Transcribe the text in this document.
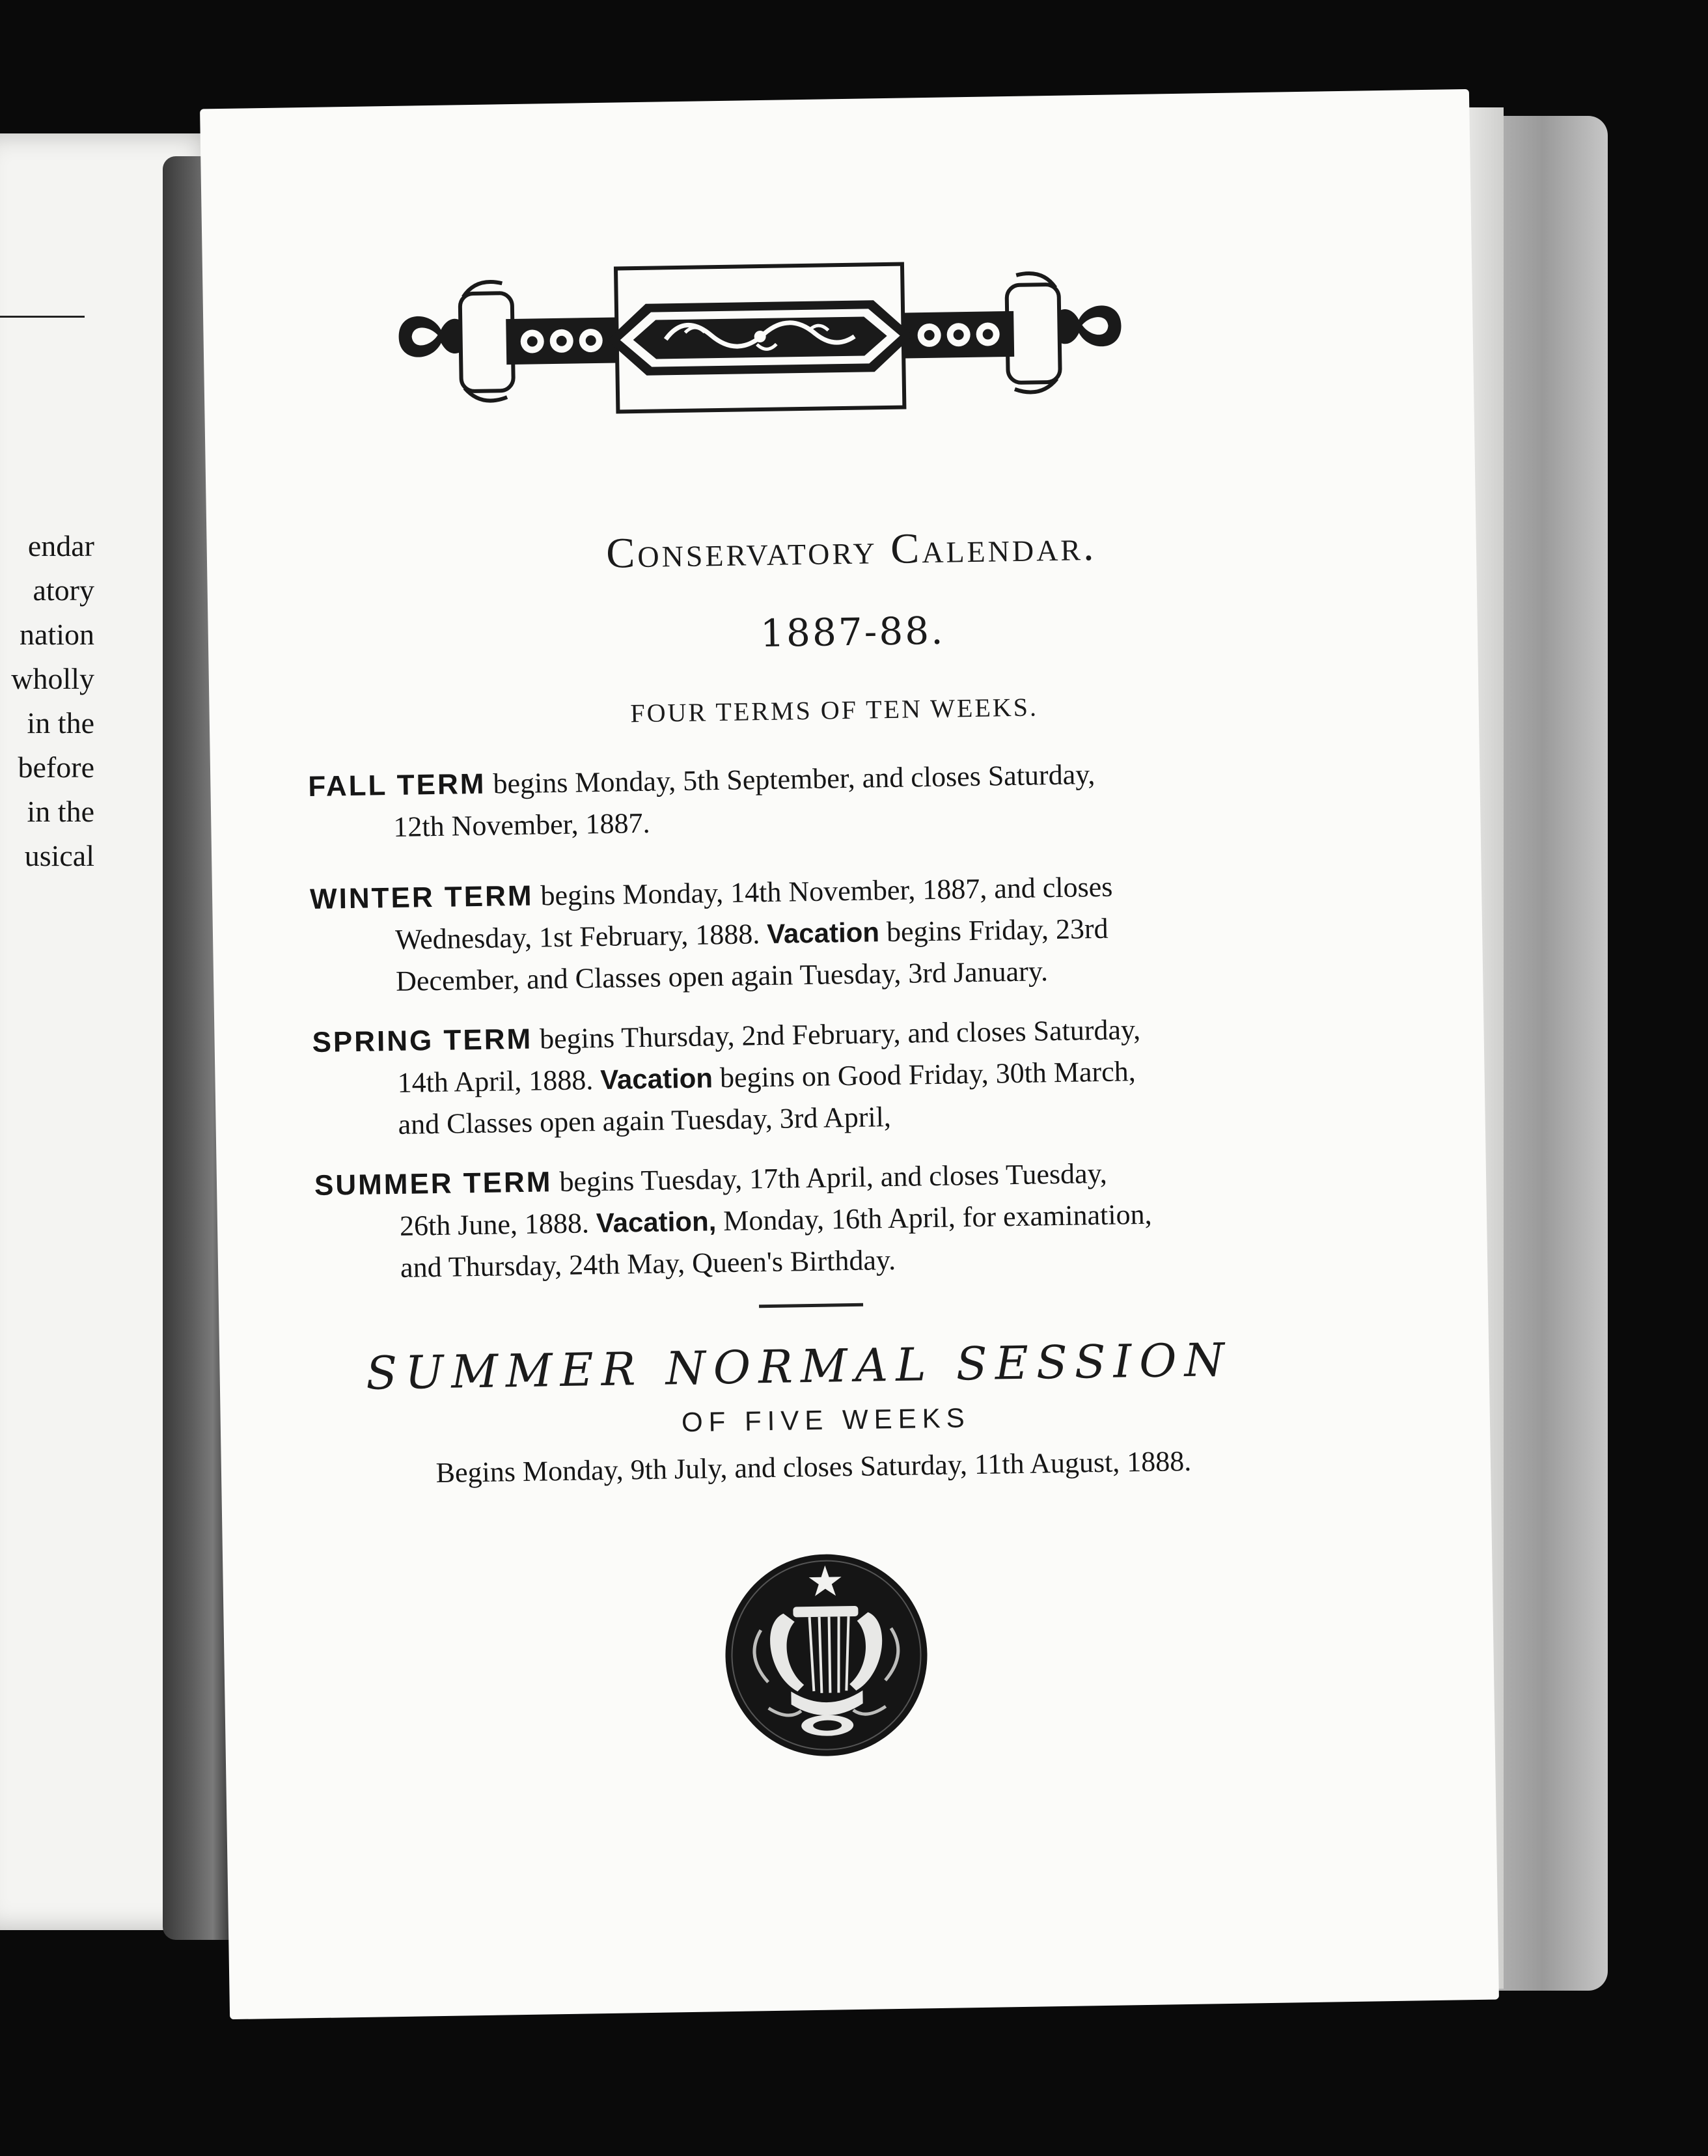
endar
atory
nation
wholly
in the
before
in the
usical
Conservatory Calendar.
1887-88.
FOUR TERMS OF TEN WEEKS.
FALL TERM begins Monday, 5th September, and closes Saturday,
12th November, 1887.
WINTER TERM begins Monday, 14th November, 1887, and closes
Wednesday, 1st February, 1888. Vacation begins Friday, 23rd
December, and Classes open again Tuesday, 3rd January.
SPRING TERM begins Thursday, 2nd February, and closes Saturday,
14th April, 1888. Vacation begins on Good Friday, 30th March,
and Classes open again Tuesday, 3rd April,
SUMMER TERM begins Tuesday, 17th April, and closes Tuesday,
26th June, 1888. Vacation, Monday, 16th April, for examination,
and Thursday, 24th May, Queen's Birthday.
SUMMER NORMAL SESSION
OF FIVE WEEKS
Begins Monday, 9th July, and closes Saturday, 11th August, 1888.
